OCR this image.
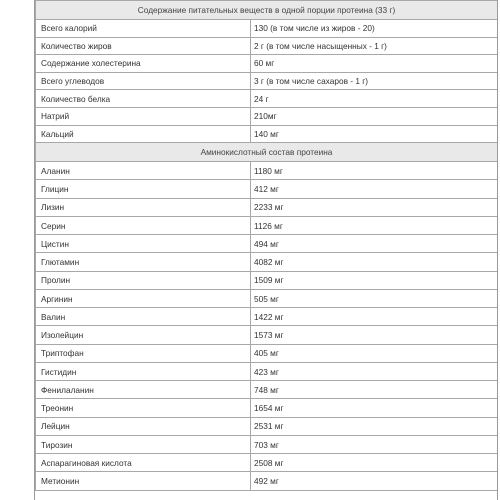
Содержание питательных веществ в одной порции протеина (33 г)	
Всего калорий	130 (в том числе из жиров - 20)
Количество жиров	2 г (в том числе насыщенных - 1 г)
Содержание холестерина	60 мг
Всего углеводов	3 г (в том числе сахаров - 1 г)
Количество белка	24 г
Натрий	210мг
Кальций	140 мг
Аминокислотный состав протеина	
Аланин	1180 мг
Глицин	412 мг
Лизин	2233 мг
Серин	1126 мг
Цистин	494 мг
Глютамин	4082 мг
Пролин	1509 мг
Аргинин	505 мг
Валин	1422 мг
Изолейцин	1573 мг
Триптофан	405 мг
Гистидин	423 мг
Фенилаланин	748 мг
Треонин	1654 мг
Лейцин	2531 мг
Тирозин	703 мг
Аспарагиновая кислота	2508 мг
Метионин	492 мг
